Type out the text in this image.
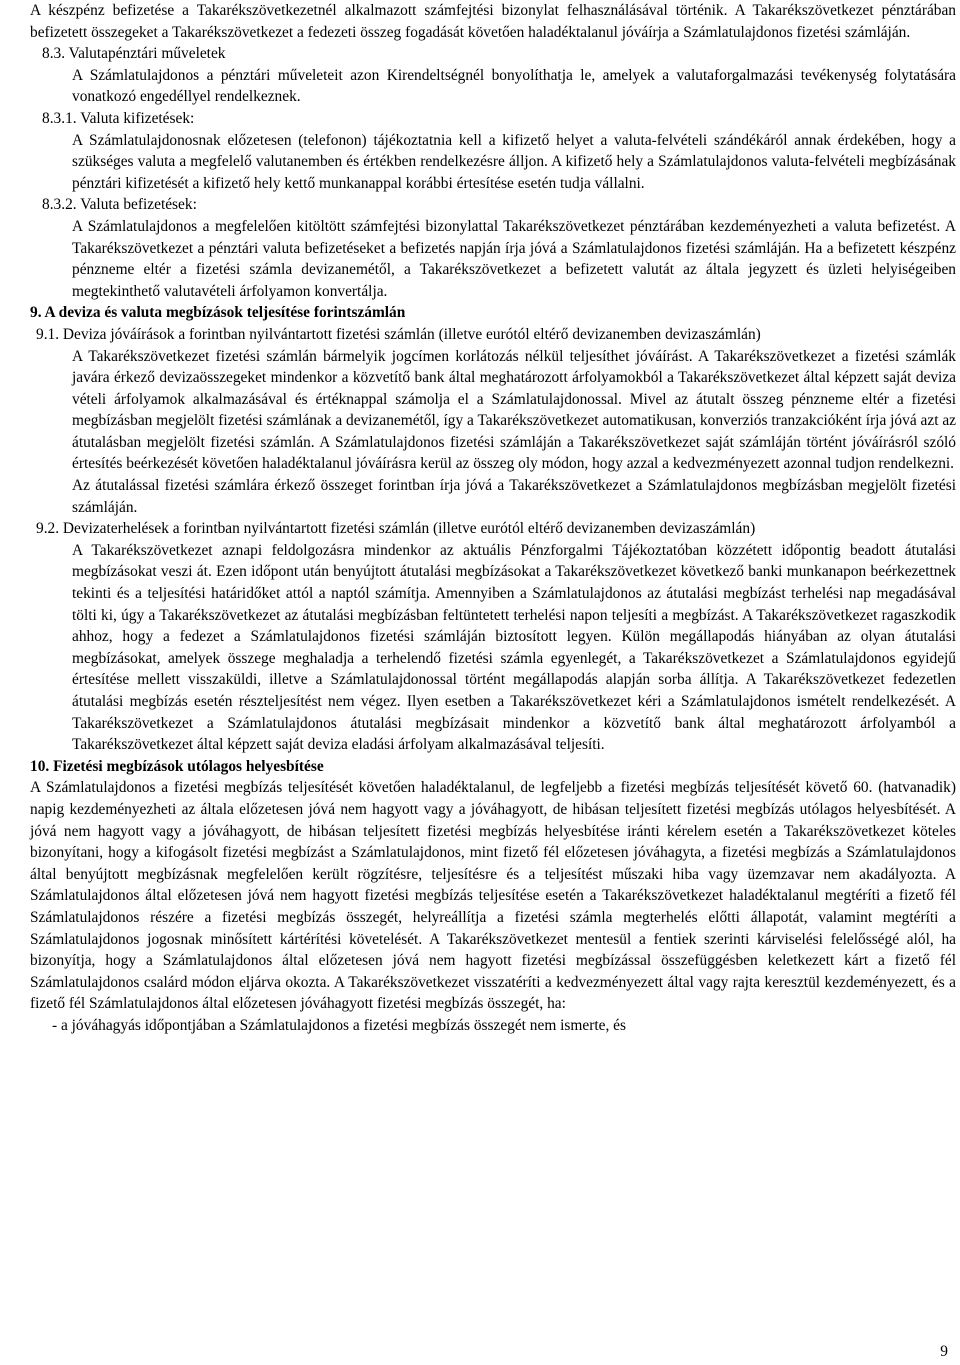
A készpénz befizetése a Takarékszövetkezetnél alkalmazott számfejtési bizonylat felhasználásával történik. A Takarékszövetkezet pénztárában befizetett összegeket a Takarékszövetkezet a fedezeti összeg fogadását követően haladéktalanul jóváírja a Számlatulajdonos fizetési számláján.

8.3. Valutapénztári műveletek

A Számlatulajdonos a pénztári műveleteit azon Kirendeltségnél bonyolíthatja le, amelyek a valutaforgalmazási tevékenység folytatására vonatkozó engedéllyel rendelkeznek.

8.3.1. Valuta kifizetések:

A Számlatulajdonosnak előzetesen (telefonon) tájékoztatnia kell a kifizető helyet a valuta-felvételi szándékáról annak érdekében, hogy a szükséges valuta a megfelelő valutanemben és értékben rendelkezésre álljon. A kifizető hely a Számlatulajdonos valuta-felvételi megbízásának pénztári kifizetését a kifizető hely kettő munkanappal korábbi értesítése esetén tudja vállalni.

8.3.2. Valuta befizetések:

A Számlatulajdonos a megfelelően kitöltött számfejtési bizonylattal Takarékszövetkezet pénztárában kezdeményezheti a valuta befizetést. A Takarékszövetkezet a pénztári valuta befizetéseket a befizetés napján írja jóvá a Számlatulajdonos fizetési számláján. Ha a befizetett készpénz pénzneme eltér a fizetési számla devizanemétől, a Takarékszövetkezet a befizetett valutát az általa jegyzett és üzleti helyiségeiben megtekinthető valutavételi árfolyamon konvertálja.

9. A deviza és valuta megbízások teljesítése forintszámlán

9.1. Deviza jóváírások a forintban nyilvántartott fizetési számlán (illetve eurótól eltérő devizanemben devizaszámlán)

A Takarékszövetkezet fizetési számlán bármelyik jogcímen korlátozás nélkül teljesíthet jóváírást. A Takarékszövetkezet a fizetési számlák javára érkező devizaösszegeket mindenkor a közvetítő bank által meghatározott árfolyamokból a Takarékszövetkezet által képzett saját deviza vételi árfolyamok alkalmazásával és értéknappal számolja el a Számlatulajdonossal. Mivel az átutalt összeg pénzneme eltér a fizetési megbízásban megjelölt fizetési számlának a devizanemétől, így a Takarékszövetkezet automatikusan, konverziós tranzakcióként írja jóvá azt az átutalásban megjelölt fizetési számlán. A Számlatulajdonos fizetési számláján a Takarékszövetkezet saját számláján történt jóváírásról szóló értesítés beérkezését követően haladéktalanul jóváírásra kerül az összeg oly módon, hogy azzal a kedvezményezett azonnal tudjon rendelkezni.

Az átutalással fizetési számlára érkező összeget forintban írja jóvá a Takarékszövetkezet a Számlatulajdonos megbízásban megjelölt fizetési számláján.

9.2. Devizaterhelések a forintban nyilvántartott fizetési számlán (illetve eurótól eltérő devizanemben devizaszámlán)

A Takarékszövetkezet aznapi feldolgozásra mindenkor az aktuális Pénzforgalmi Tájékoztatóban közzétett időpontig beadott átutalási megbízásokat veszi át. Ezen időpont után benyújtott átutalási megbízásokat a Takarékszövetkezet következő banki munkanapon beérkezettnek tekinti és a teljesítési határidőket attól a naptól számítja. Amennyiben a Számlatulajdonos az átutalási megbízást terhelési nap megadásával tölti ki, úgy a Takarékszövetkezet az átutalási megbízásban feltüntetett terhelési napon teljesíti a megbízást. A Takarékszövetkezet ragaszkodik ahhoz, hogy a fedezet a Számlatulajdonos fizetési számláján biztosított legyen. Külön megállapodás hiányában az olyan átutalási megbízásokat, amelyek összege meghaladja a terhelendő fizetési számla egyenlegét, a Takarékszövetkezet a Számlatulajdonos egyidejű értesítése mellett visszaküldi, illetve a Számlatulajdonossal történt megállapodás alapján sorba állítja. A Takarékszövetkezet fedezetlen átutalási megbízás esetén részteljesítést nem végez. Ilyen esetben a Takarékszövetkezet kéri a Számlatulajdonos ismételt rendelkezését. A Takarékszövetkezet a Számlatulajdonos átutalási megbízásait mindenkor a közvetítő bank által meghatározott árfolyamból a Takarékszövetkezet által képzett saját deviza eladási árfolyam alkalmazásával teljesíti.

10. Fizetési megbízások utólagos helyesbítése

A Számlatulajdonos a fizetési megbízás teljesítését követően haladéktalanul, de legfeljebb a fizetési megbízás teljesítését követő 60. (hatvanadik) napig kezdeményezheti az általa előzetesen jóvá nem hagyott vagy a jóváhagyott, de hibásan teljesített fizetési megbízás utólagos helyesbítését. A jóvá nem hagyott vagy a jóváhagyott, de hibásan teljesített fizetési megbízás helyesbítése iránti kérelem esetén a Takarékszövetkezet köteles bizonyítani, hogy a kifogásolt fizetési megbízást a Számlatulajdonos, mint fizető fél előzetesen jóváhagyta, a fizetési megbízás a Számlatulajdonos által benyújtott megbízásnak megfelelően került rögzítésre, teljesítésre és a teljesítést műszaki hiba vagy üzemzavar nem akadályozta. A Számlatulajdonos által előzetesen jóvá nem hagyott fizetési megbízás teljesítése esetén a Takarékszövetkezet haladéktalanul megtéríti a fizető fél Számlatulajdonos részére a fizetési megbízás összegét, helyreállítja a fizetési számla megterhelés előtti állapotát, valamint megtéríti a Számlatulajdonos jogosnak minősített kártérítési követelését. A Takarékszövetkezet mentesül a fentiek szerinti kárviselési felelősségé alól, ha bizonyítja, hogy a Számlatulajdonos által előzetesen jóvá nem hagyott fizetési megbízással összefüggésben keletkezett kárt a fizető fél Számlatulajdonos csalárd módon eljárva okozta. A Takarékszövetkezet visszatéríti a kedvezményezett által vagy rajta keresztül kezdeményezett, és a fizető fél Számlatulajdonos által előzetesen jóváhagyott fizetési megbízás összegét, ha:

- a jóváhagyás időpontjában a Számlatulajdonos a fizetési megbízás összegét nem ismerte, és

9
